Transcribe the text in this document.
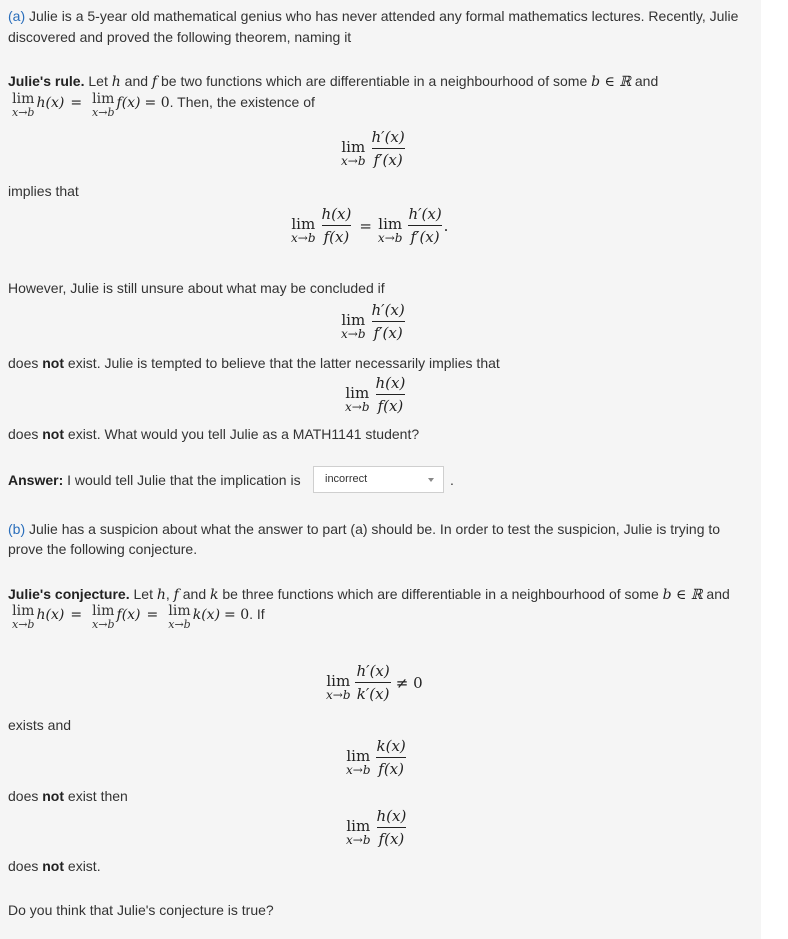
(a) Julie is a 5-year old mathematical genius who has never attended any formal mathematics lectures. Recently, Julie
discovered and proved the following theorem, naming it
Julie's rule. Let h and f be two functions which are differentiable in a neighbourhood of some b ∈ ℝ and
lim
x→b
h(x) = lim
x→b
f(x) = 0. Then, the existence of
lim
$x\to b \frac{h'(x)}{f'(x)}$
implies that
lim
$x\to b \frac{h(x)}{f(x)} = \lim$
$x\to b \frac{h'(x)}{f'(x)}$ .
However, Julie is still unsure about what may be concluded if
lim
$x\to b \frac{h'(x)}{f'(x)}$
does not exist. Julie is tempted to believe that the latter necessarily implies that
lim
$x\to b \frac{h(x)}{f(x)}$
does not exist. What would you tell Julie as a MATH1141 student?
Answer: I would tell Julie that the implication is	incorrect	.
(b) Julie has a suspicion about what the answer to part (a) should be. In order to test the suspicion, Julie is trying to
prove the following conjecture.
Julie's conjecture. Let h, f and k be three functions which are differentiable in a neighbourhood of some b ∈ ℝ and
lim
x→b
h(x) = lim
x→b
f(x) = lim
x→b
k(x) = 0. If
lim
$x\to b \frac{h'(x)}{k'(x)} \ne 0$
exists and
lim
$x\to b \frac{k(x)}{f(x)}$
does not exist then
lim
$x\to b \frac{h(x)}{f(x)}$
does not exist.
Do you think that Julie's conjecture is true?
